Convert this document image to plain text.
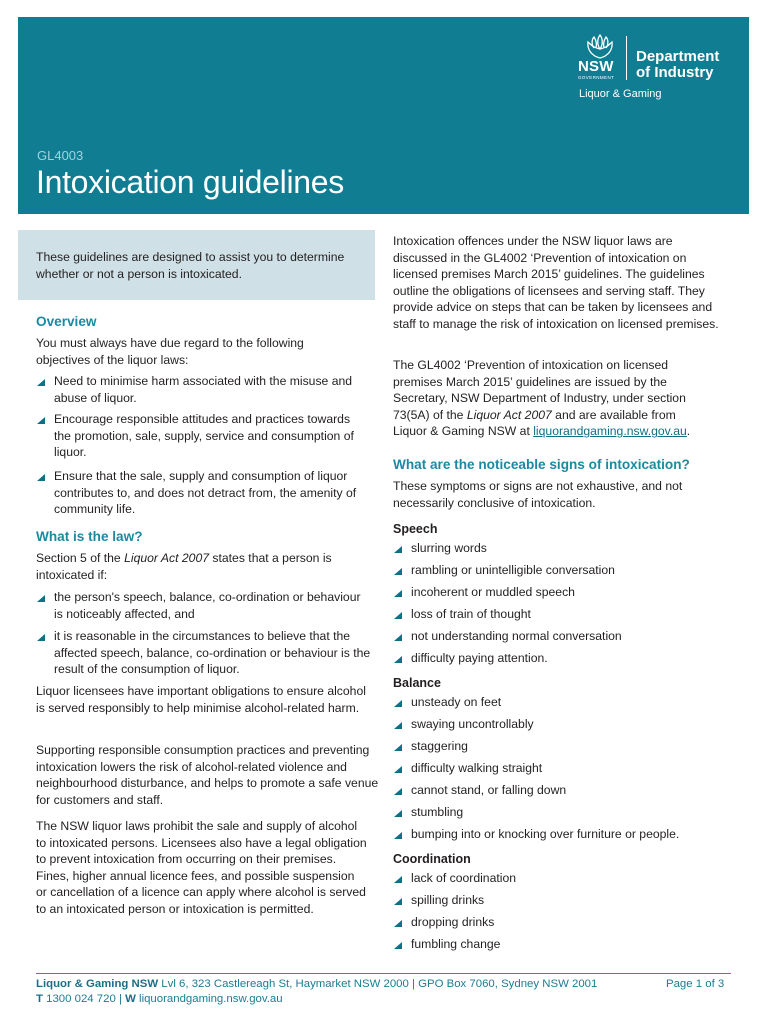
NSW
GOVERNMENT
Department
of Industry
Liquor & Gaming
GL4003
Intoxication guidelines
These guidelines are designed to assist you to determine whether or not a person is intoxicated.
Overview

You must always have due regard to the following objectives of the liquor laws:

Need to minimise harm associated with the misuse and abuse of liquor.
Encourage responsible attitudes and practices towards the promotion, sale, supply, service and consumption of liquor.
Ensure that the sale, supply and consumption of liquor contributes to, and does not detract from, the amenity of community life.
What is the law?

Section 5 of the Liquor Act 2007 states that a person is intoxicated if:

the person's speech, balance, co-ordination or behaviour is noticeably affected, and
it is reasonable in the circumstances to believe that the affected speech, balance, co-ordination or behaviour is the result of the consumption of liquor.

Liquor licensees have important obligations to ensure alcohol is served responsibly to help minimise alcohol-related harm.

Supporting responsible consumption practices and preventing intoxication lowers the risk of alcohol-related violence and neighbourhood disturbance, and helps to promote a safe venue for customers and staff.

The NSW liquor laws prohibit the sale and supply of alcohol to intoxicated persons. Licensees also have a legal obligation to prevent intoxication from occurring on their premises. Fines, higher annual licence fees, and possible suspension or cancellation of a licence can apply where alcohol is served to an intoxicated person or intoxication is permitted.

Intoxication offences under the NSW liquor laws are discussed in the GL4002 ‘Prevention of intoxication on licensed premises March 2015’ guidelines. The guidelines outline the obligations of licensees and serving staff. They provide advice on steps that can be taken by licensees and staff to manage the risk of intoxication on licensed premises.

The GL4002 ‘Prevention of intoxication on licensed premises March 2015’ guidelines are issued by the Secretary, NSW Department of Industry, under section 73(5A) of the Liquor Act 2007 and are available from Liquor & Gaming NSW at liquorandgaming.nsw.gov.au.

What are the noticeable signs of intoxication?

These symptoms or signs are not exhaustive, and not necessarily conclusive of intoxication.

Speech
slurring words
rambling or unintelligible conversation
incoherent or muddled speech
loss of train of thought
not understanding normal conversation
difficulty paying attention.
Balance
unsteady on feet
swaying uncontrollably
staggering
difficulty walking straight
cannot stand, or falling down
stumbling
bumping into or knocking over furniture or people.
Coordination
lack of coordination
spilling drinks
dropping drinks
fumbling change
Liquor & Gaming NSW Lvl 6, 323 Castlereagh St, Haymarket NSW 2000 | GPO Box 7060, Sydney NSW 2001
T 1300 024 720 | W liquorandgaming.nsw.gov.au
Page 1 of 3
